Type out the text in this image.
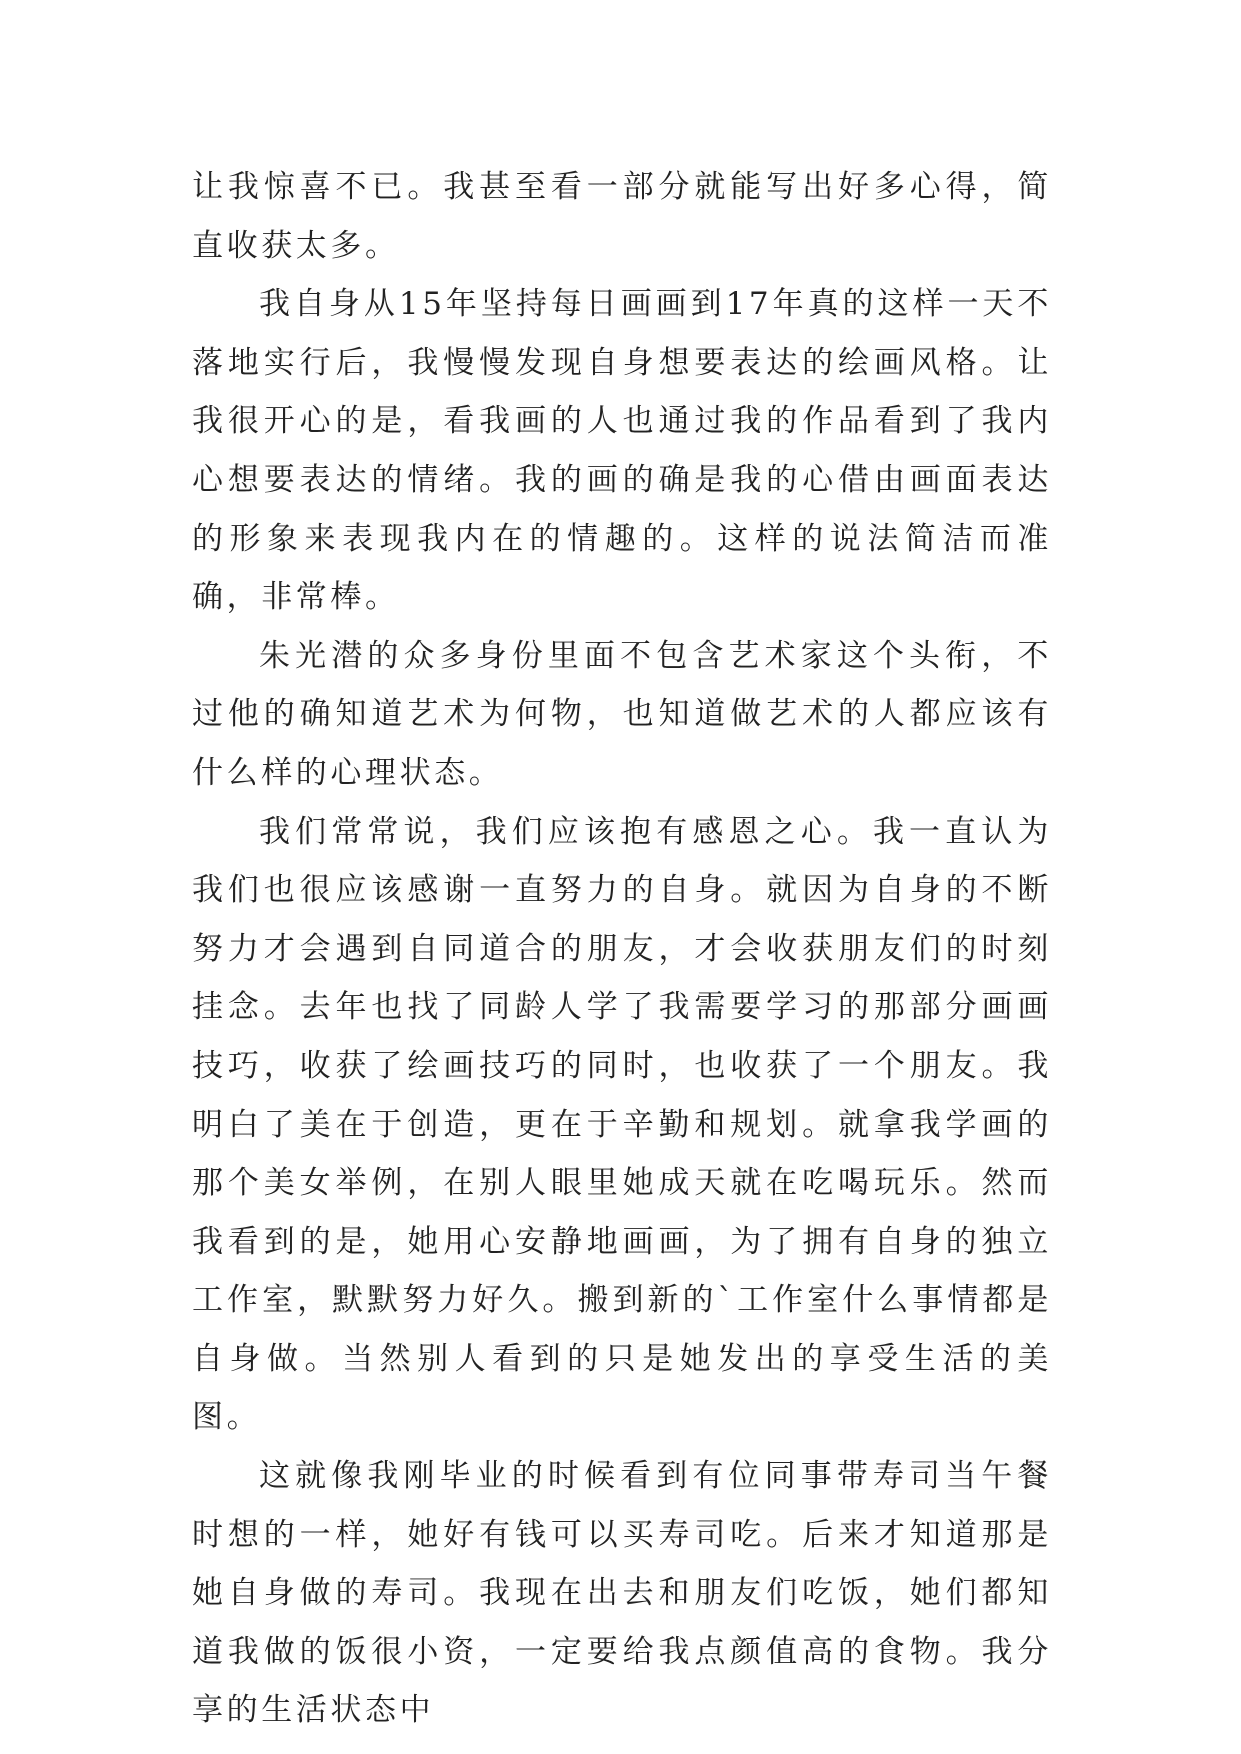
让我惊喜不已。我甚至看一部分就能写出好多心得，简直收获太多。

我自身从15年坚持每日画画到17年真的这样一天不落地实行后，我慢慢发现自身想要表达的绘画风格。让我很开心的是，看我画的人也通过我的作品看到了我内心想要表达的情绪。我的画的确是我的心借由画面表达的形象来表现我内在的情趣的。这样的说法简洁而准确，非常棒。

朱光潜的众多身份里面不包含艺术家这个头衔，不过他的确知道艺术为何物，也知道做艺术的人都应该有什么样的心理状态。

我们常常说，我们应该抱有感恩之心。我一直认为我们也很应该感谢一直努力的自身。就因为自身的不断努力才会遇到自同道合的朋友，才会收获朋友们的时刻挂念。去年也找了同龄人学了我需要学习的那部分画画技巧，收获了绘画技巧的同时，也收获了一个朋友。我明白了美在于创造，更在于辛勤和规划。就拿我学画的那个美女举例，在别人眼里她成天就在吃喝玩乐。然而我看到的是，她用心安静地画画，为了拥有自身的独立工作室，默默努力好久。搬到新的`工作室什么事情都是自身做。当然别人看到的只是她发出的享受生活的美图。

这就像我刚毕业的时候看到有位同事带寿司当午餐时想的一样，她好有钱可以买寿司吃。后来才知道那是她自身做的寿司。我现在出去和朋友们吃饭，她们都知道我做的饭很小资，一定要给我点颜值高的食物。我分享的生活状态中
